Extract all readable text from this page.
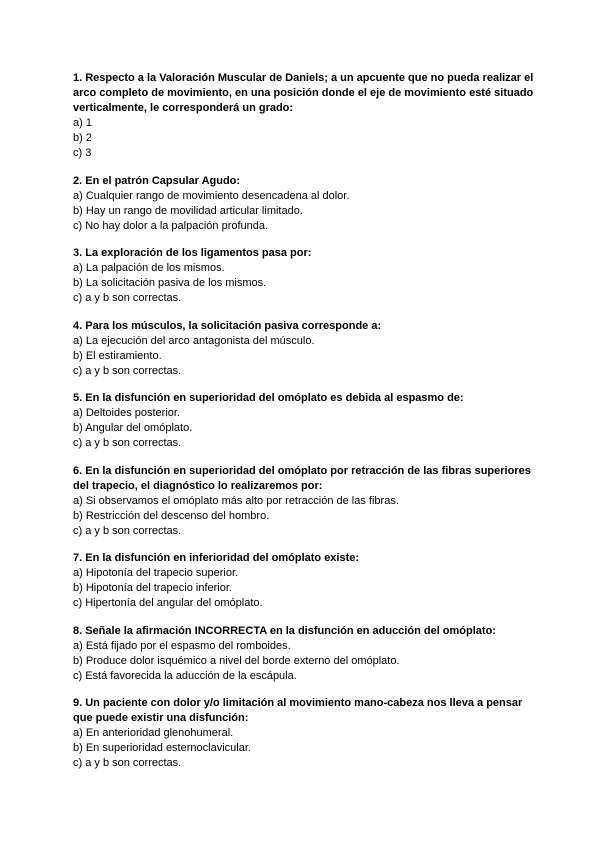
1. Respecto a la Valoración Muscular de Daniels; a un apcuente que no pueda realizar el arco completo de movimiento, en una posición donde el eje de movimiento esté situado verticalmente, le corresponderá un grado:

a) 1

b) 2

c) 3

2. En el patrón Capsular Agudo:

a) Cualquier rango de movimiento desencadena al dolor.

b) Hay un rango de movilidad articular limitado.

c) No hay dolor a la palpación profunda.

3. La exploración de los ligamentos pasa por:

a) La palpación de los mismos.

b) La solicitación pasiva de los mismos.

c) a y b son correctas.

4. Para los músculos, la solicitación pasiva corresponde a:

a) La ejecución del arco antagonista del músculo.

b) El estiramiento.

c) a y b son correctas.

5. En la disfunción en superioridad del omóplato es debida al espasmo de:

a) Deltoides posterior.

b) Angular del omóplato.

c) a y b son correctas.

6. En la disfunción en superioridad del omóplato por retracción de las fibras superiores del trapecio, el diagnóstico lo realizaremos por:

a) Si observamos el omóplato más alto por retracción de las fibras.

b) Restricción del descenso del hombro.

c) a y b son correctas.

7. En la disfunción en inferioridad del omóplato existe:

a) Hipotonía del trapecio superior.

b) Hipotonía del trapecio inferior.

c) Hipertonía del angular del omóplato.

8. Señale la afirmación INCORRECTA en la disfunción en aducción del omóplato:

a) Está fijado por el espasmo del romboides.

b) Produce dolor isquémico a nivel del borde externo del omóplato.

c) Está favorecida la aducción de la escápula.

9. Un paciente con dolor y/o limitación al movimiento mano-cabeza nos lleva a pensar que puede existir una disfunción:

a) En anterioridad glenohumeral.

b) En superioridad esternoclavicular.

c) a y b son correctas.
